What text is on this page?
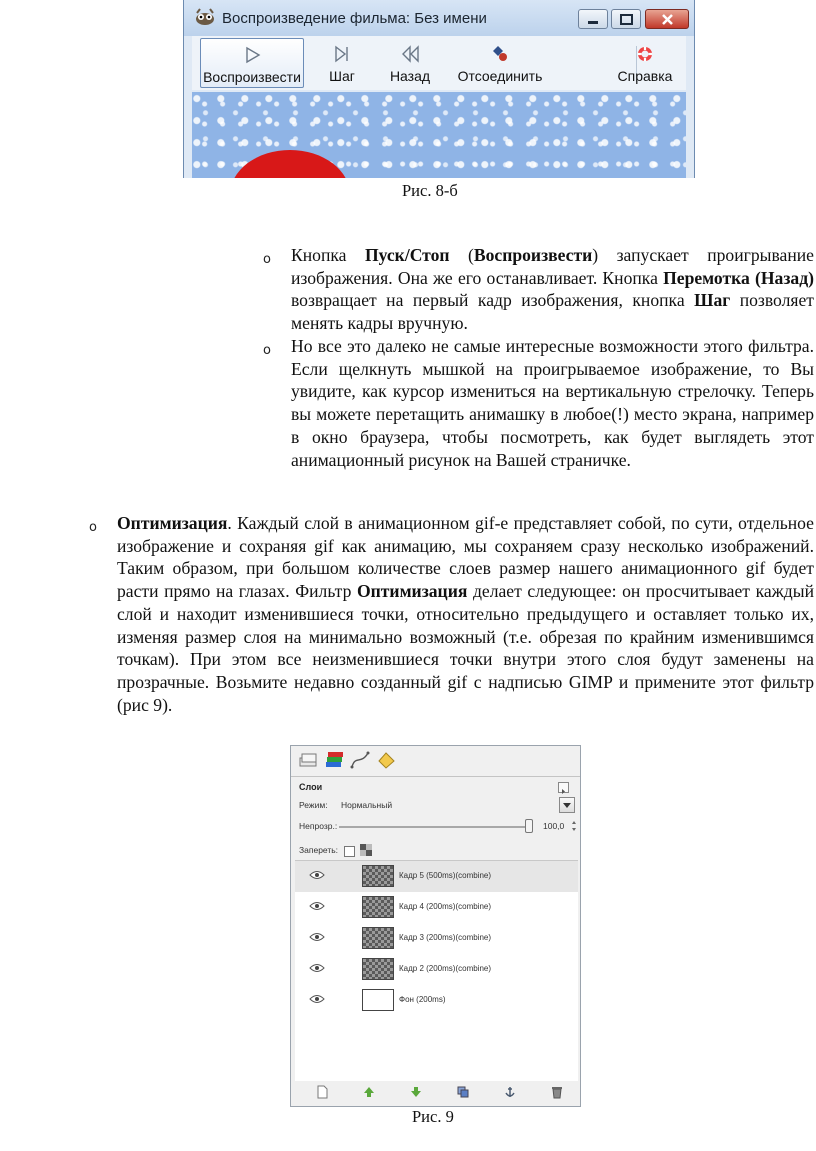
Воспроизведение фильма: Без имени
Воспроизвести	Шаг	Назад	Отсоединить	Справка
Рис. 8-б
o Кнопка Пуск/Стоп (Воспроизвести) запускает проигрывание изображения. Она же его останавливает. Кнопка Перемотка (Назад) возвращает на первый кадр изображения, кнопка Шаг позволяет менять кадры вручную.
o Но все это далеко не самые интересные возможности этого фильтра. Если щелкнуть мышкой на проигрываемое изображение, то Вы увидите, как курсор измениться на вертикальную стрелочку. Теперь вы можете перетащить анимашку в любое(!) место экрана, например в окно браузера, чтобы посмотреть, как будет выглядеть этот анимационный рисунок на Вашей страничке.
o Оптимизация. Каждый слой в анимационном gif-е представляет собой, по сути, отдельное изображение и сохраняя gif как анимацию, мы сохраняем сразу несколько изображений. Таким образом, при большом количестве слоев размер нашего анимационного gif будет расти прямо на глазах. Фильтр Оптимизация делает следующее: он просчитывает каждый слой и находит изменившиеся точки, относительно предыдущего и оставляет только их, изменяя размер слоя на минимально возможный (т.е. обрезая по крайним изменившимся точкам). При этом все неизменившиеся точки внутри этого слоя будут заменены на прозрачные. Возьмите недавно созданный gif с надписью GIMP и примените этот фильтр (рис 9).
Слои
Режим: Нормальный
Непрозр.:	100,0
Запереть:
Кадр 5 (500ms)(combine)
Кадр 4 (200ms)(combine)
Кадр 3 (200ms)(combine)
Кадр 2 (200ms)(combine)
Фон (200ms)
Рис. 9
